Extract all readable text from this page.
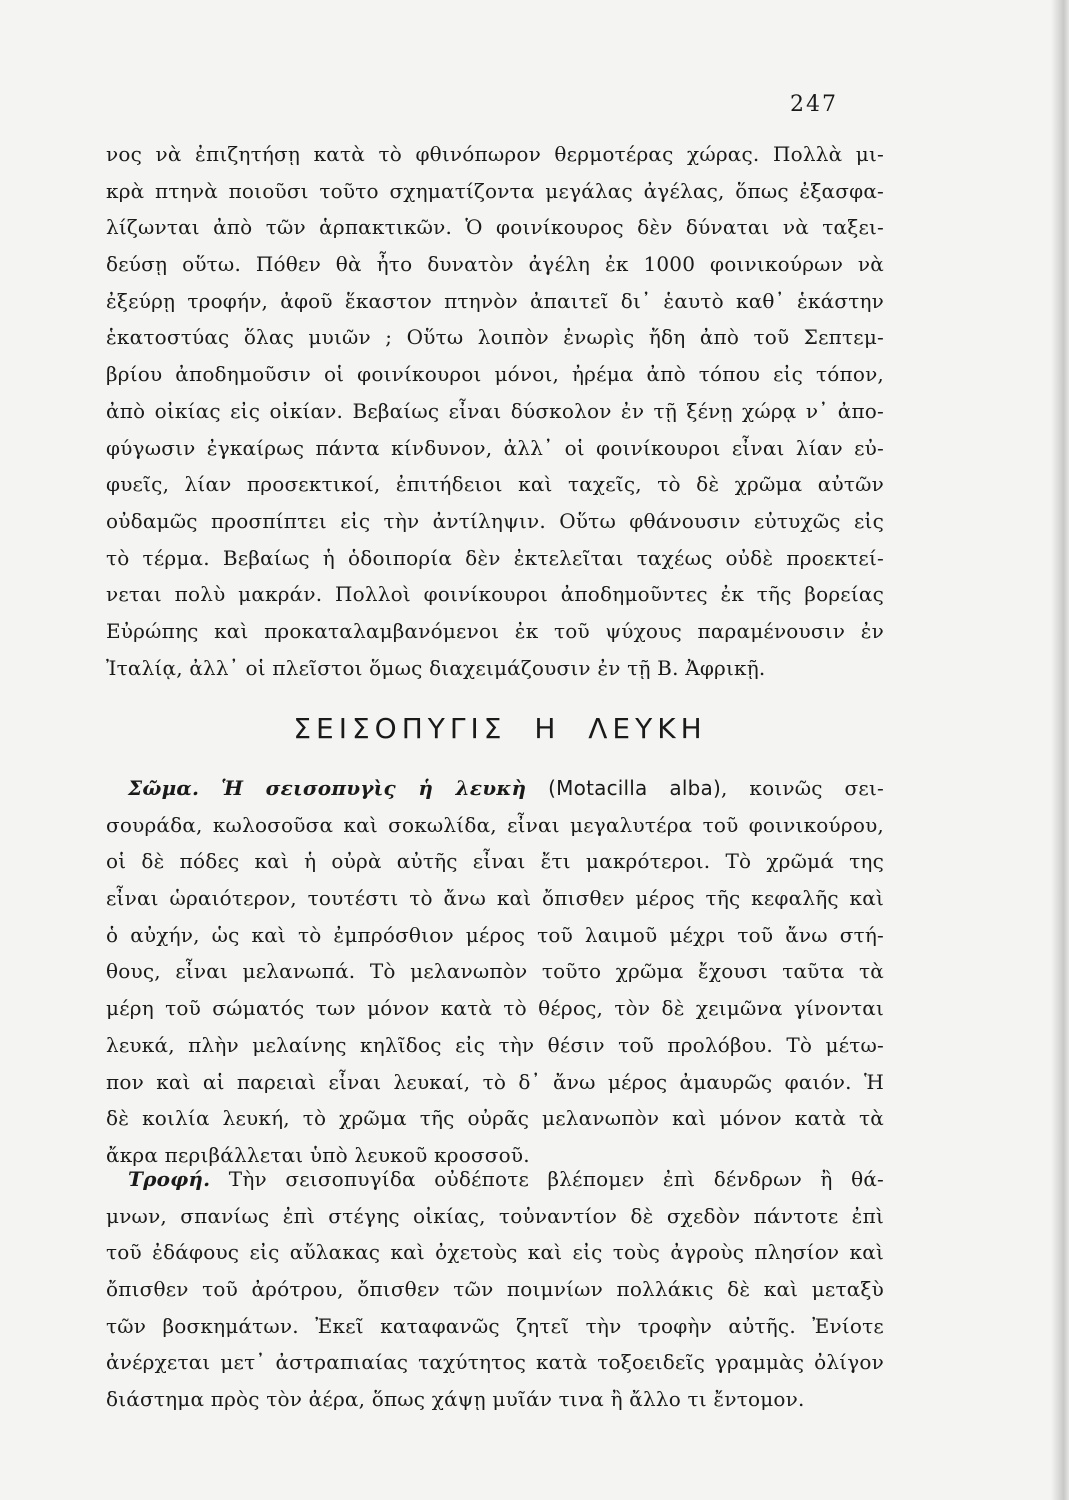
247
νος νὰ ἐπιζητήσῃ κατὰ τὸ φθινόπωρον θερμοτέρας χώρας. Πολλὰ μι-
κρὰ πτηνὰ ποιοῦσι τοῦτο σχηματίζοντα μεγάλας ἀγέλας, ὅπως ἐξασφα-
λίζωνται ἀπὸ τῶν ἁρπακτικῶν. Ὁ φοινίκουρος δὲν δύναται νὰ ταξει-
δεύσῃ οὕτω. Πόθεν θὰ ἦτο δυνατὸν ἀγέλη ἐκ 1000 φοινικούρων νὰ
ἐξεύρῃ τροφήν, ἀφοῦ ἕκαστον πτηνὸν ἀπαιτεῖ δι᾽ ἑαυτὸ καθ᾽ ἑκάστην
ἑκατοστύας ὅλας μυιῶν ; Οὕτω λοιπὸν ἐνωρὶς ἤδη ἀπὸ τοῦ Σεπτεμ-
βρίου ἀποδημοῦσιν οἱ φοινίκουροι μόνοι, ἠρέμα ἀπὸ τόπου εἰς τόπον,
ἀπὸ οἰκίας εἰς οἰκίαν. Βεβαίως εἶναι δύσκολον ἐν τῇ ξένῃ χώρᾳ ν᾽ ἀπο-
φύγωσιν ἐγκαίρως πάντα κίνδυνον, ἀλλ᾽ οἱ φοινίκουροι εἶναι λίαν εὐ-
φυεῖς, λίαν προσεκτικοί, ἐπιτήδειοι καὶ ταχεῖς, τὸ δὲ χρῶμα αὐτῶν
οὐδαμῶς προσπίπτει εἰς τὴν ἀντίληψιν. Οὕτω φθάνουσιν εὐτυχῶς εἰς
τὸ τέρμα. Βεβαίως ἡ ὁδοιπορία δὲν ἐκτελεῖται ταχέως οὐδὲ προεκτεί-
νεται πολὺ μακράν. Πολλοὶ φοινίκουροι ἀποδημοῦντες ἐκ τῆς βορείας
Εὐρώπης καὶ προκαταλαμβανόμενοι ἐκ τοῦ ψύχους παραμένουσιν ἐν
Ἰταλίᾳ, ἀλλ᾽ οἱ πλεῖστοι ὅμως διαχειμάζουσιν ἐν τῇ Β. Ἀφρικῇ.
ΣΕΙΣΟΠΥΓΙΣ Η ΛΕΥΚΗ
Σῶμα. Ἡ σεισοπυγὶς ἡ λευκὴ (Motacilla alba), κοινῶς σει-
σουράδα, κωλοσοῦσα καὶ σοκωλίδα, εἶναι μεγαλυτέρα τοῦ φοινικούρου,
οἱ δὲ πόδες καὶ ἡ οὐρὰ αὐτῆς εἶναι ἔτι μακρότεροι. Τὸ χρῶμά της
εἶναι ὡραιότερον, τουτέστι τὸ ἄνω καὶ ὄπισθεν μέρος τῆς κεφαλῆς καὶ
ὁ αὐχήν, ὡς καὶ τὸ ἐμπρόσθιον μέρος τοῦ λαιμοῦ μέχρι τοῦ ἄνω στή-
θους, εἶναι μελανωπά. Τὸ μελανωπὸν τοῦτο χρῶμα ἔχουσι ταῦτα τὰ
μέρη τοῦ σώματός των μόνον κατὰ τὸ θέρος, τὸν δὲ χειμῶνα γίνονται
λευκά, πλὴν μελαίνης κηλῖδος εἰς τὴν θέσιν τοῦ προλόβου. Τὸ μέτω-
πον καὶ αἱ παρειαὶ εἶναι λευκαί, τὸ δ᾽ ἄνω μέρος ἀμαυρῶς φαιόν. Ἡ
δὲ κοιλία λευκή, τὸ χρῶμα τῆς οὐρᾶς μελανωπὸν καὶ μόνον κατὰ τὰ
ἄκρα περιβάλλεται ὑπὸ λευκοῦ κροσσοῦ.
Τροφή. Τὴν σεισοπυγίδα οὐδέποτε βλέπομεν ἐπὶ δένδρων ἢ θά-
μνων, σπανίως ἐπὶ στέγης οἰκίας, τοὐναντίον δὲ σχεδὸν πάντοτε ἐπὶ
τοῦ ἐδάφους εἰς αὔλακας καὶ ὀχετοὺς καὶ εἰς τοὺς ἀγροὺς πλησίον καὶ
ὄπισθεν τοῦ ἀρότρου, ὄπισθεν τῶν ποιμνίων πολλάκις δὲ καὶ μεταξὺ
τῶν βοσκημάτων. Ἐκεῖ καταφανῶς ζητεῖ τὴν τροφὴν αὐτῆς. Ἐνίοτε
ἀνέρχεται μετ᾽ ἀστραπιαίας ταχύτητος κατὰ τοξοειδεῖς γραμμὰς ὀλίγον
διάστημα πρὸς τὸν ἀέρα, ὅπως χάψῃ μυῖάν τινα ἢ ἄλλο τι ἔντομον.
